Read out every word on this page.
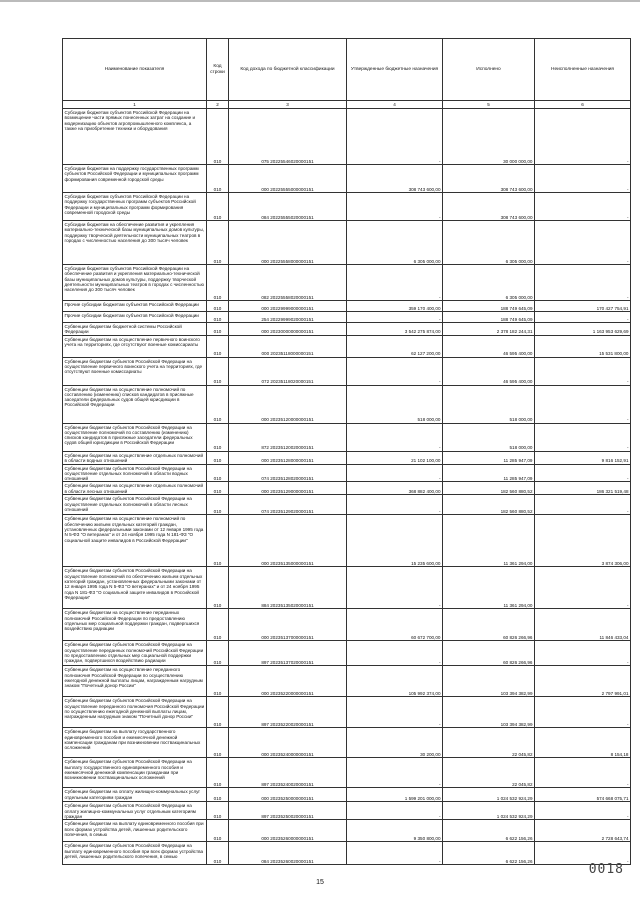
Наименование показателя	Код строки	Код дохода по бюджетной классификации	Утвержденные бюджетные назначения	Исполнено	Неисполненные назначения
1	2	3	4	5	6
Субсидии бюджетам субъектов Российской Федерации на возмещение части прямых понесенных затрат на создание и модернизацию объектов агропромышленного комплекса, а также на приобретение техники и оборудования	010	075 20225546020000151	-	30 000 000,00	-
Субсидии бюджетам на поддержку государственных программ субъектов Российской Федерации и муниципальных программ формирования современной городской среды	010	000 20225555000000151	308 743 600,00	308 743 600,00	-
Субсидии бюджетам субъектов Российской Федерации на поддержку государственных программ субъектов Российской Федерации и муниципальных программ формирования современной городской среды	010	084 20225555020000151	-	308 743 600,00	-
Субсидии бюджетам на обеспечение развития и укрепления материально-технической базы муниципальных домов культуры, поддержку творческой деятельности муниципальных театров в городах с численностью населения до 300 тысяч человек	010	000 20225558000000151	6 305 000,00	6 305 000,00	-
Субсидии бюджетам субъектов Российской Федерации на обеспечение развития и укрепления материально-технической базы муниципальных домов культуры, поддержку творческой деятельности муниципальных театров в городах с численностью населения до 300 тысяч человек	010	082 20225558020000151	-	6 305 000,00	-
Прочие субсидии бюджетам субъектов Российской Федерации	010	000 20229999000000151	359 170 400,00	188 749 645,09	170 427 754,91
Прочие субсидии бюджетам субъектов Российской Федерации	010	254 20229999020000151	-	188 749 645,09	-
Субвенции бюджетам бюджетной системы Российской Федерации	010	000 20230000000000151	3 542 275 874,00	2 378 182 244,31	1 163 953 629,69
Субвенции бюджетам на осуществление первичного воинского учета на территориях, где отсутствуют военные комиссариаты	010	000 20235118000000151	62 127 200,00	46 595 400,00	15 531 800,00
Субвенции бюджетам субъектов Российской Федерации на осуществление первичного воинского учета на территориях, где отсутствуют военные комиссариаты	010	072 20235118020000151	-	46 595 400,00	-
Субвенции бюджетам на осуществление полномочий по составлению (изменению) списков кандидатов в присяжные заседатели федеральных судов общей юрисдикции в Российской Федерации	010	000 20235120000000151	518 000,00	518 000,00	-
Субвенции бюджетам субъектов Российской Федерации на осуществление полномочий по составлению (изменению) списков кандидатов в присяжные заседатели федеральных судов общей юрисдикции в Российской Федерации	010	872 20235120020000151	-	518 000,00	-
Субвенции бюджетам на осуществление отдельных полномочий в области водных отношений	010	000 20235128000000151	21 102 100,00	11 285 947,09	9 816 152,91
Субвенции бюджетам субъектов Российской Федерации на осуществление отдельных полномочий в области водных отношений	010	074 20235128020000151	-	11 285 947,09	-
Субвенции бюджетам на осуществление отдельных полномочий в области лесных отношений	010	000 20235129000000151	368 882 400,00	182 560 880,52	186 321 519,48
Субвенции бюджетам субъектов Российской Федерации на осуществление отдельных полномочий в области лесных отношений	010	074 20235129020000151	-	182 560 880,52	-
Субвенции бюджетам на осуществление полномочий по обеспечению жильем отдельных категорий граждан, установленных федеральными законами от 12 января 1995 года N 5-ФЗ "О ветеранах" и от 24 ноября 1995 года N 181-ФЗ "О социальной защите инвалидов в Российской Федерации"	010	000 20235135000000151	15 235 600,00	11 361 294,00	3 874 306,00
Субвенции бюджетам субъектов Российской Федерации на осуществление полномочий по обеспечению жильем отдельных категорий граждан, установленных федеральными законами от 12 января 1995 года N 5-ФЗ "О ветеранах" и от 24 ноября 1995 года N 181-ФЗ "О социальной защите инвалидов в Российской Федерации"	010	884 20235135020000151	-	11 361 294,00	-
Субвенции бюджетам на осуществление переданных полномочий Российской Федерации по предоставлению отдельных мер социальной поддержки граждан, подвергшихся воздействию радиации	010	000 20235137000000151	60 672 700,00	60 826 266,96	11 846 433,04
Субвенции бюджетам субъектов Российской Федерации на осуществление переданных полномочий Российской Федерации по предоставлению отдельных мер социальной поддержки граждан, подвергшихся воздействию радиации	010	897 20235137020000151	-	60 826 266,96	-
Субвенции бюджетам на осуществление переданного полномочия Российской Федерации по осуществлению ежегодной денежной выплаты лицам, награжденным нагрудным знаком "Почетный донор России"	010	000 20235220000000151	105 992 374,00	103 394 382,99	2 797 991,01
Субвенции бюджетам субъектов Российской Федерации на осуществление переданного полномочия Российской Федерации по осуществлению ежегодной денежной выплаты лицам, награжденным нагрудным знаком "Почетный донор России"	010	897 20235220020000151	-	103 394 382,99	-
Субвенции бюджетам на выплату государственного единовременного пособия и ежемесячной денежной компенсации гражданам при возникновении поствакцинальных осложнений	010	000 20235240000000151	30 200,00	22 045,82	8 154,18
Субвенции бюджетам субъектов Российской Федерации на выплату государственного единовременного пособия и ежемесячной денежной компенсации гражданам при возникновении поствакцинальных осложнений	010	897 20235240020000151	-	22 045,82	-
Субвенции бюджетам на оплату жилищно-коммунальных услуг отдельным категориям граждан	010	000 20235250000000151	1 599 201 000,00	1 024 532 924,29	574 668 075,71
Субвенции бюджетам субъектов Российской Федерации на оплату жилищно-коммунальных услуг отдельным категориям граждан	010	897 20235250020000151	-	1 024 532 924,29	-
Субвенции бюджетам на выплату единовременного пособия при всех формах устройства детей, лишенных родительского попечения, в семью	010	000 20235260000000151	9 350 800,00	6 622 156,26	2 728 643,74
Субвенции бюджетам субъектов Российской Федерации на выплату единовременного пособия при всех формах устройства детей, лишенных родительского попечения, в семью	010	084 20235260020000151	-	6 622 156,26	-
15
0018
